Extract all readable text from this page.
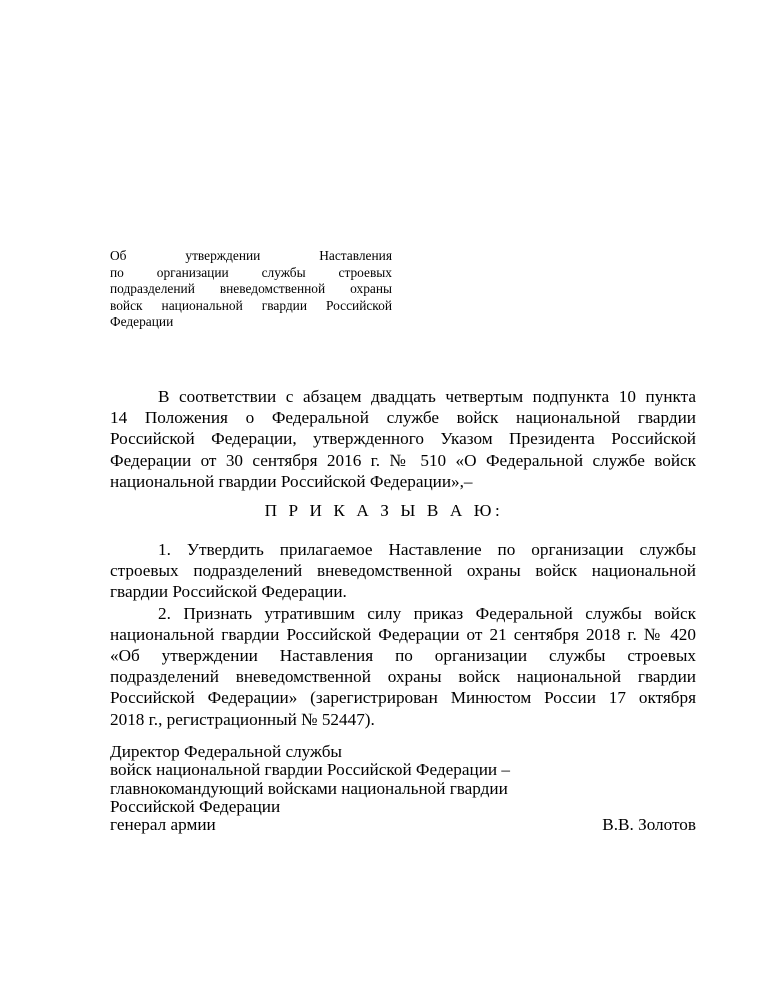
Об утверждении Наставления
по организации службы строевых
подразделений вневедомственной охраны
войск национальной гвардии Российской
Федерации
В соответствии с абзацем двадцать четвертым подпункта 10 пункта
14 Положения о Федеральной службе войск национальной гвардии
Российской Федерации, утвержденного Указом Президента Российской
Федерации от 30 сентября 2016 г. № 510 «О Федеральной службе войск
национальной гвардии Российской Федерации»,–
П Р И К А З Ы В А Ю:
1. Утвердить прилагаемое Наставление по организации службы
строевых подразделений вневедомственной охраны войск национальной
гвардии Российской Федерации.
2. Признать утратившим силу приказ Федеральной службы войск
национальной гвардии Российской Федерации от 21 сентября 2018 г. № 420
«Об утверждении Наставления по организации службы строевых
подразделений вневедомственной охраны войск национальной гвардии
Российской Федерации» (зарегистрирован Минюстом России 17 октября
2018 г., регистрационный № 52447).
Директор Федеральной службы
войск национальной гвардии Российской Федерации –
главнокомандующий войсками национальной гвардии
Российской Федерации
генерал армии	В.В. Золотов
